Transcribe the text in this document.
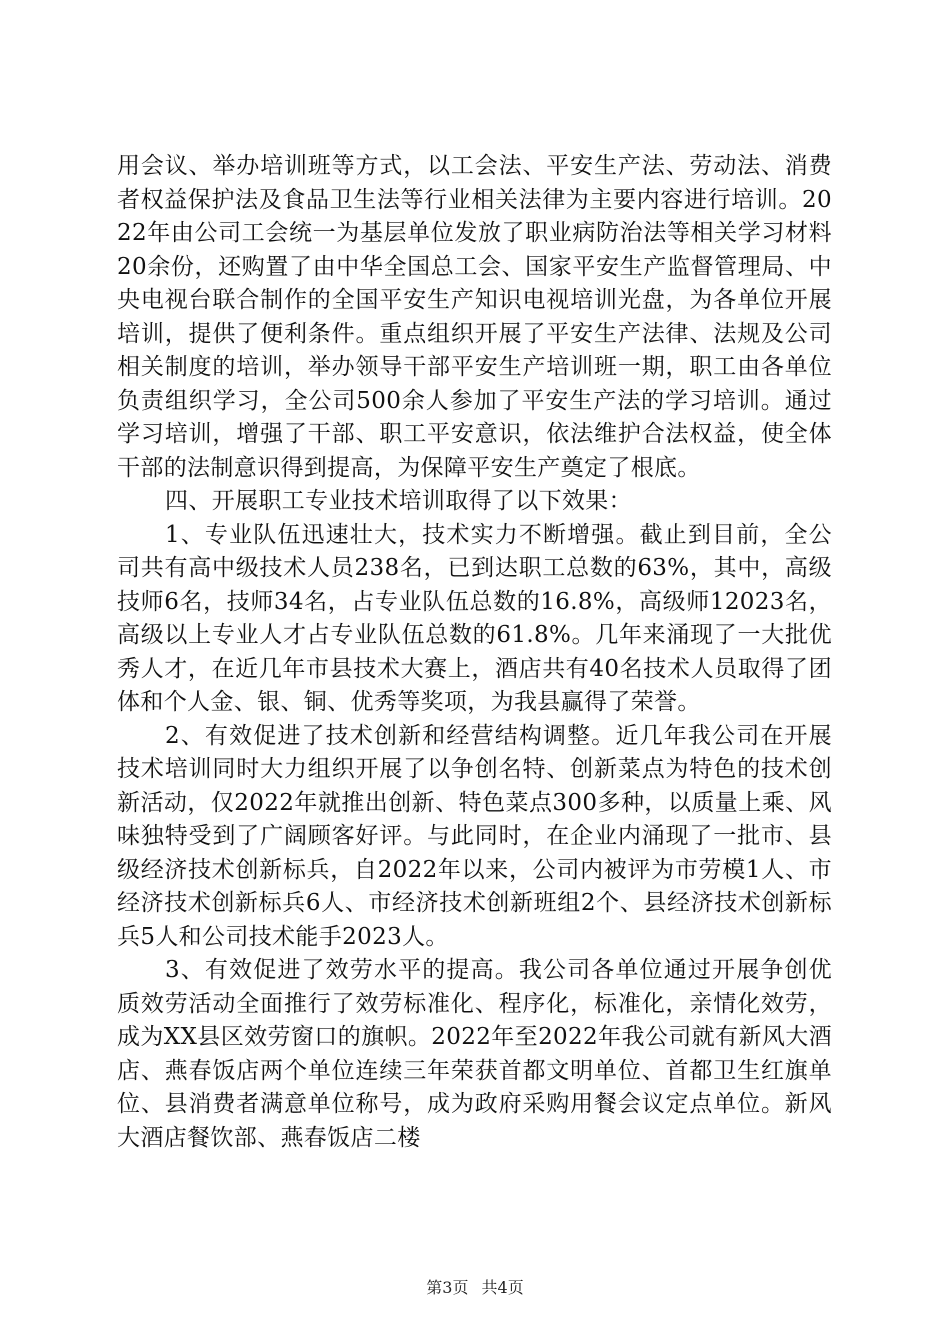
用会议、举办培训班等方式，以工会法、平安生产法、劳动法、消费者权益保护法及食品卫生法等行业相关法律为主要内容进行培训。2022年由公司工会统一为基层单位发放了职业病防治法等相关学习材料20余份，还购置了由中华全国总工会、国家平安生产监督管理局、中央电视台联合制作的全国平安生产知识电视培训光盘，为各单位开展培训，提供了便利条件。重点组织开展了平安生产法律、法规及公司相关制度的培训，举办领导干部平安生产培训班一期，职工由各单位负责组织学习，全公司500余人参加了平安生产法的学习培训。通过学习培训，增强了干部、职工平安意识，依法维护合法权益，使全体干部的法制意识得到提高，为保障平安生产奠定了根底。

四、开展职工专业技术培训取得了以下效果：

1、专业队伍迅速壮大，技术实力不断增强。截止到目前，全公司共有高中级技术人员238名，已到达职工总数的63%，其中，高级技师6名，技师34名，占专业队伍总数的16.8%，高级师12023名，高级以上专业人才占专业队伍总数的61.8%。几年来涌现了一大批优秀人才，在近几年市县技术大赛上，酒店共有40名技术人员取得了团体和个人金、银、铜、优秀等奖项，为我县赢得了荣誉。

2、有效促进了技术创新和经营结构调整。近几年我公司在开展技术培训同时大力组织开展了以争创名特、创新菜点为特色的技术创新活动，仅2022年就推出创新、特色菜点300多种，以质量上乘、风味独特受到了广阔顾客好评。与此同时，在企业内涌现了一批市、县级经济技术创新标兵，自2022年以来，公司内被评为市劳模1人、市经济技术创新标兵6人、市经济技术创新班组2个、县经济技术创新标兵5人和公司技术能手2023人。

3、有效促进了效劳水平的提高。我公司各单位通过开展争创优质效劳活动全面推行了效劳标准化、程序化，标准化，亲情化效劳，成为XX县区效劳窗口的旗帜。2022年至2022年我公司就有新风大酒店、燕春饭店两个单位连续三年荣获首都文明单位、首都卫生红旗单位、县消费者满意单位称号，成为政府采购用餐会议定点单位。新风大酒店餐饮部、燕春饭店二楼

第3页 共4页
